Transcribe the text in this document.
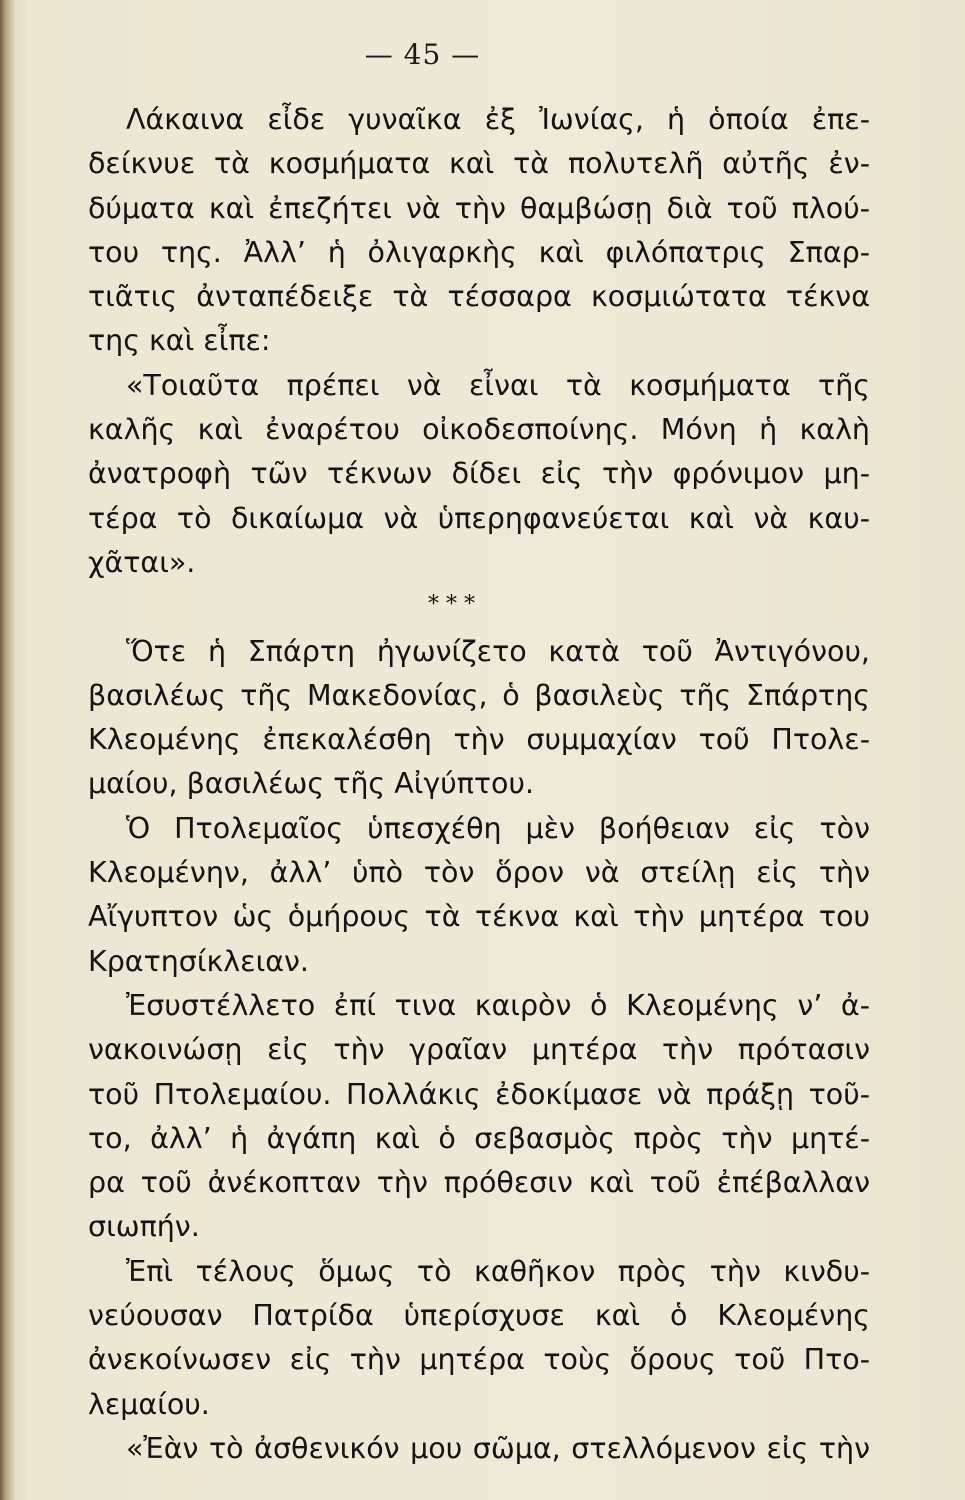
— 45 —
Λάκαινα εἶδε γυναῖκα ἐξ Ἰωνίας, ἡ ὁποία ἐπε-
δείκνυε τὰ κοσμήματα καὶ τὰ πολυτελῆ αὐτῆς ἐν-
δύματα καὶ ἐπεζήτει νὰ τὴν θαμβώσῃ διὰ τοῦ πλού-
του της. Ἀλλ’ ἡ ὀλιγαρκὴς καὶ φιλόπατρις Σπαρ-
τιᾶτις ἀνταπέδειξε τὰ τέσσαρα κοσμιώτατα τέκνα
της καὶ εἶπε:
«Τοιαῦτα πρέπει νὰ εἶναι τὰ κοσμήματα τῆς
καλῆς καὶ ἐναρέτου οἰκοδεσποίνης. Μόνη ἡ καλὴ
ἀνατροφὴ τῶν τέκνων δίδει εἰς τὴν φρόνιμον μη-
τέρα τὸ δικαίωμα νὰ ὑπερηφανεύεται καὶ νὰ καυ-
χᾶται».
* * *
Ὅτε ἡ Σπάρτη ἠγωνίζετο κατὰ τοῦ Ἀντιγόνου,
βασιλέως τῆς Μακεδονίας, ὁ βασιλεὺς τῆς Σπάρτης
Κλεομένης ἐπεκαλέσθη τὴν συμμαχίαν τοῦ Πτολε-
μαίου, βασιλέως τῆς Αἰγύπτου.
Ὁ Πτολεμαῖος ὑπεσχέθη μὲν βοήθειαν εἰς τὸν
Κλεομένην, ἀλλ’ ὑπὸ τὸν ὅρον νὰ στείλῃ εἰς τὴν
Αἴγυπτον ὡς ὁμήρους τὰ τέκνα καὶ τὴν μητέρα του
Κρατησίκλειαν.
Ἐσυστέλλετο ἐπί τινα καιρὸν ὁ Κλεομένης ν’ ἀ-
νακοινώσῃ εἰς τὴν γραῖαν μητέρα τὴν πρότασιν
τοῦ Πτολεμαίου. Πολλάκις ἐδοκίμασε νὰ πράξῃ τοῦ-
το, ἀλλ’ ἡ ἀγάπη καὶ ὁ σεβασμὸς πρὸς τὴν μητέ-
ρα τοῦ ἀνέκοπταν τὴν πρόθεσιν καὶ τοῦ ἐπέβαλλαν
σιωπήν.
Ἐπὶ τέλους ὅμως τὸ καθῆκον πρὸς τὴν κινδυ-
νεύουσαν Πατρίδα ὑπερίσχυσε καὶ ὁ Κλεομένης
ἀνεκοίνωσεν εἰς τὴν μητέρα τοὺς ὅρους τοῦ Πτο-
λεμαίου.
«Ἐὰν τὸ ἀσθενικόν μου σῶμα, στελλόμενον εἰς τὴν
